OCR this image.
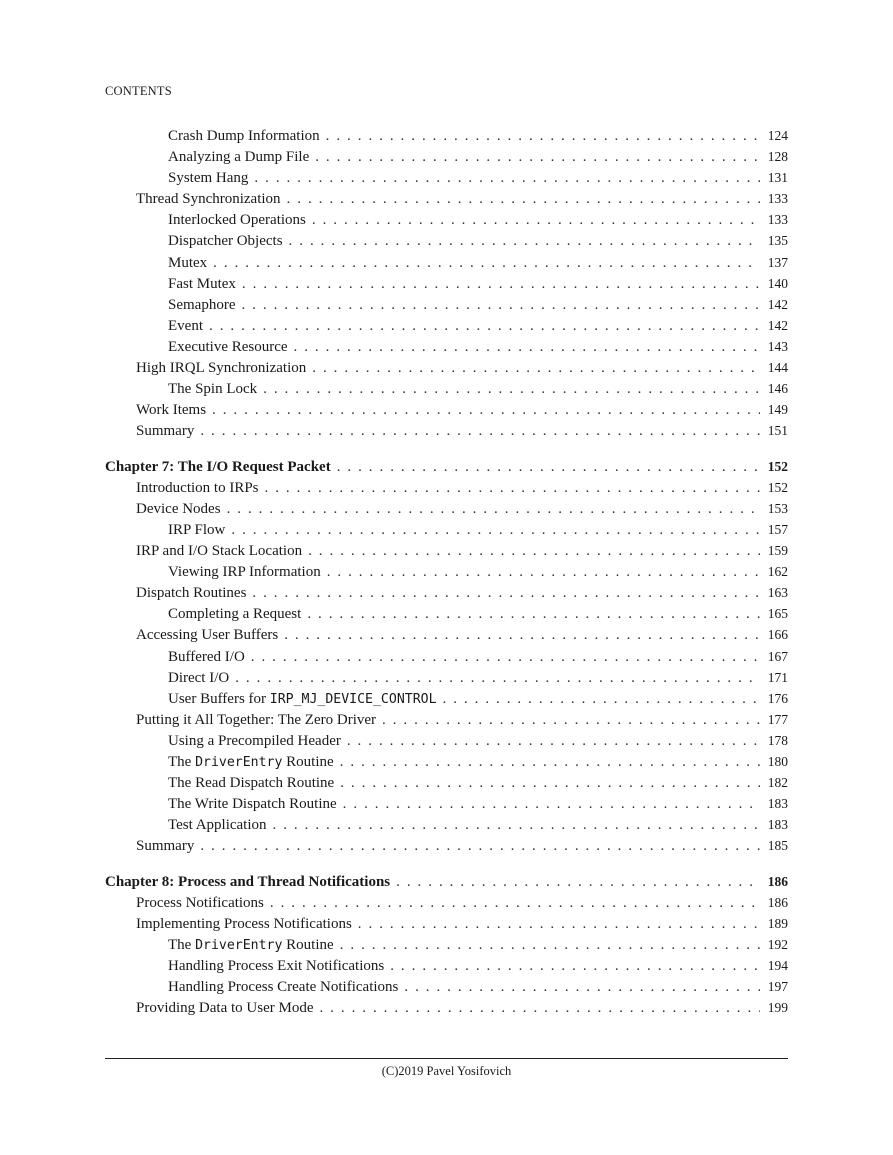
CONTENTS
Crash Dump Information . . .	124
Analyzing a Dump File . . .	128
System Hang . . .	131
Thread Synchronization . . .	133
Interlocked Operations . . .	133
Dispatcher Objects . . .	135
Mutex . . .	137
Fast Mutex . . .	140
Semaphore . . .	142
Event . . .	142
Executive Resource . . .	143
High IRQL Synchronization . . .	144
The Spin Lock . . .	146
Work Items . . .	149
Summary . . .	151
Chapter 7: The I/O Request Packet . . .	152
Introduction to IRPs . . .	152
Device Nodes . . .	153
IRP Flow . . .	157
IRP and I/O Stack Location . . .	159
Viewing IRP Information . . .	162
Dispatch Routines . . .	163
Completing a Request . . .	165
Accessing User Buffers . . .	166
Buffered I/O . . .	167
Direct I/O . . .	171
User Buffers for IRP_MJ_DEVICE_CONTROL . . .	176
Putting it All Together: The Zero Driver . . .	177
Using a Precompiled Header . . .	178
The DriverEntry Routine . . .	180
The Read Dispatch Routine . . .	182
The Write Dispatch Routine . . .	183
Test Application . . .	183
Summary . . .	185
Chapter 8: Process and Thread Notifications . . .	186
Process Notifications . . .	186
Implementing Process Notifications . . .	189
The DriverEntry Routine . . .	192
Handling Process Exit Notifications . . .	194
Handling Process Create Notifications . . .	197
Providing Data to User Mode . . .	199
(C)2019 Pavel Yosifovich
